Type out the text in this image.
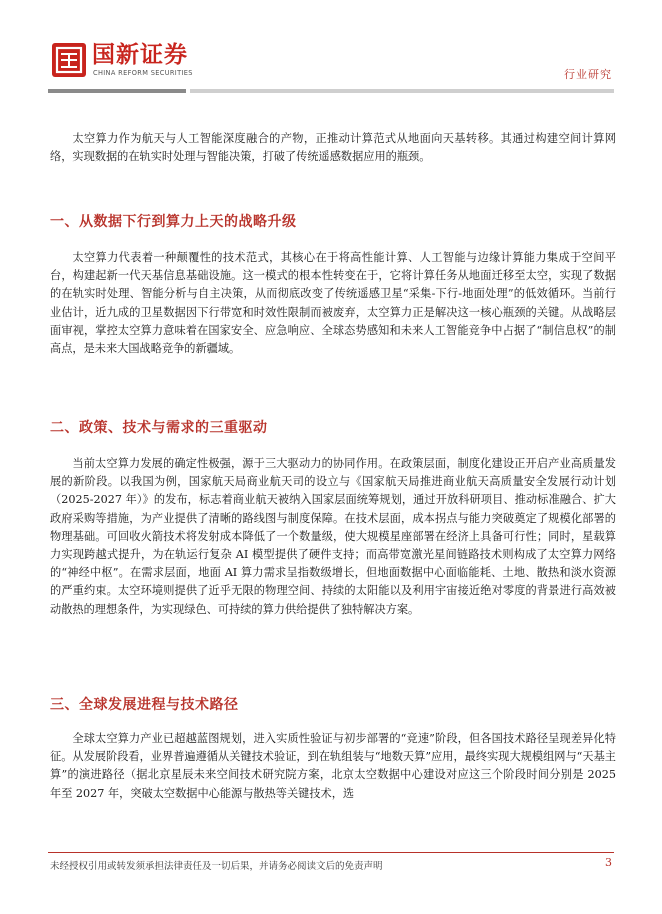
国 国新证券
CHINA REFORM SECURITIES	行业研究

太空算力作为航天与人工智能深度融合的产物，正推动计算范式从地面向天基转移。其通过构建空间计算网络，实现数据的在轨实时处理与智能决策，打破了传统遥感数据应用的瓶颈。

一、从数据下行到算力上天的战略升级

太空算力代表着一种颠覆性的技术范式，其核心在于将高性能计算、人工智能与边缘计算能力集成于空间平台，构建起新一代天基信息基础设施。这一模式的根本性转变在于，它将计算任务从地面迁移至太空，实现了数据的在轨实时处理、智能分析与自主决策，从而彻底改变了传统遥感卫星“采集-下行-地面处理”的低效循环。当前行业估计，近九成的卫星数据因下行带宽和时效性限制而被废弃，太空算力正是解决这一核心瓶颈的关键。从战略层面审视，掌控太空算力意味着在国家安全、应急响应、全球态势感知和未来人工智能竞争中占据了“制信息权”的制高点，是未来大国战略竞争的新疆域。

二、政策、技术与需求的三重驱动

当前太空算力发展的确定性极强，源于三大驱动力的协同作用。在政策层面，制度化建设正开启产业高质量发展的新阶段。以我国为例，国家航天局商业航天司的设立与《国家航天局推进商业航天高质量安全发展行动计划（2025-2027 年）》的发布，标志着商业航天被纳入国家层面统筹规划，通过开放科研项目、推动标准融合、扩大政府采购等措施，为产业提供了清晰的路线图与制度保障。在技术层面，成本拐点与能力突破奠定了规模化部署的物理基础。可回收火箭技术将发射成本降低了一个数量级，使大规模星座部署在经济上具备可行性；同时，星载算力实现跨越式提升，为在轨运行复杂 AI 模型提供了硬件支持；而高带宽激光星间链路技术则构成了太空算力网络的“神经中枢”。在需求层面，地面 AI 算力需求呈指数级增长，但地面数据中心面临能耗、土地、散热和淡水资源的严重约束。太空环境则提供了近乎无限的物理空间、持续的太阳能以及利用宇宙接近绝对零度的背景进行高效被动散热的理想条件，为实现绿色、可持续的算力供给提供了独特解决方案。

三、全球发展进程与技术路径

全球太空算力产业已超越蓝图规划，进入实质性验证与初步部署的“竞速”阶段，但各国技术路径呈现差异化特征。从发展阶段看，业界普遍遵循从关键技术验证，到在轨组装与“地数天算”应用，最终实现大规模组网与“天基主算”的演进路径（据北京星辰未来空间技术研究院方案，北京太空数据中心建设对应这三个阶段时间分别是 2025 年至 2027 年，突破太空数据中心能源与散热等关键技术，选

未经授权引用或转发须承担法律责任及一切后果，并请务必阅读文后的免责声明	3
